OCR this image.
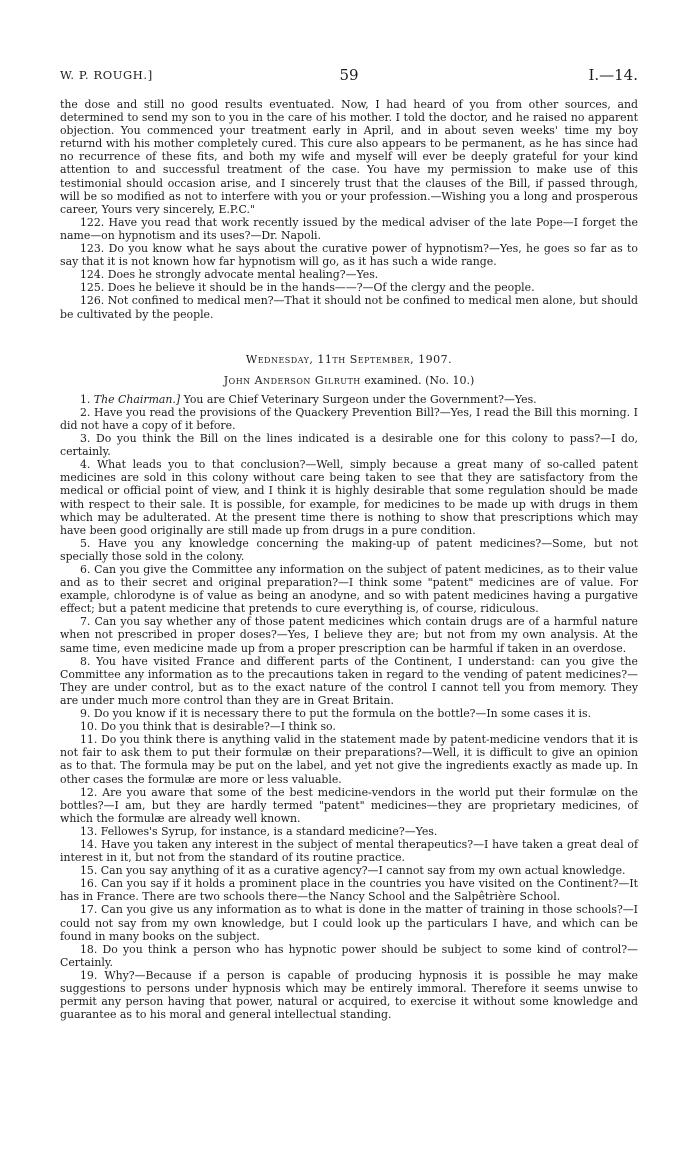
W. P. ROUGH.]	59	I.—14.

the dose and still no good results eventuated. Now, I had heard of you from other sources, and determined to send my son to you in the care of his mother. I told the doctor, and he raised no apparent objection. You commenced your treatment early in April, and in about seven weeks' time my boy returnd with his mother completely cured. This cure also appears to be permanent, as he has since had no recurrence of these fits, and both my wife and myself will ever be deeply grateful for your kind attention to and successful treatment of the case. You have my permission to make use of this testimonial should occasion arise, and I sincerely trust that the clauses of the Bill, if passed through, will be so modified as not to interfere with you or your profession.—Wishing you a long and prosperous career, Yours very sincerely, E.P.C."

122. Have you read that work recently issued by the medical adviser of the late Pope—I forget the name—on hypnotism and its uses?—Dr. Napoli.

123. Do you know what he says about the curative power of hypnotism?—Yes, he goes so far as to say that it is not known how far hypnotism will go, as it has such a wide range.

124. Does he strongly advocate mental healing?—Yes.

125. Does he believe it should be in the hands——?—Of the clergy and the people.

126. Not confined to medical men?—That it should not be confined to medical men alone, but should be cultivated by the people.

Wednesday, 11th September, 1907.
John Anderson Gilruth examined. (No. 10.)

1. The Chairman.] You are Chief Veterinary Surgeon under the Government?—Yes.

2. Have you read the provisions of the Quackery Prevention Bill?—Yes, I read the Bill this morning. I did not have a copy of it before.

3. Do you think the Bill on the lines indicated is a desirable one for this colony to pass?—I do, certainly.

4. What leads you to that conclusion?—Well, simply because a great many of so-called patent medicines are sold in this colony without care being taken to see that they are satisfactory from the medical or official point of view, and I think it is highly desirable that some regulation should be made with respect to their sale. It is possible, for example, for medicines to be made up with drugs in them which may be adulterated. At the present time there is nothing to show that prescriptions which may have been good originally are still made up from drugs in a pure condition.

5. Have you any knowledge concerning the making-up of patent medicines?—Some, but not specially those sold in the colony.

6. Can you give the Committee any information on the subject of patent medicines, as to their value and as to their secret and original preparation?—I think some "patent" medicines are of value. For example, chlorodyne is of value as being an anodyne, and so with patent medicines having a purgative effect; but a patent medicine that pretends to cure everything is, of course, ridiculous.

7. Can you say whether any of those patent medicines which contain drugs are of a harmful nature when not prescribed in proper doses?—Yes, I believe they are; but not from my own analysis. At the same time, even medicine made up from a proper prescription can be harmful if taken in an overdose.

8. You have visited France and different parts of the Continent, I understand: can you give the Committee any information as to the precautions taken in regard to the vending of patent medicines?—They are under control, but as to the exact nature of the control I cannot tell you from memory. They are under much more control than they are in Great Britain.

9. Do you know if it is necessary there to put the formula on the bottle?—In some cases it is.

10. Do you think that is desirable?—I think so.

11. Do you think there is anything valid in the statement made by patent-medicine vendors that it is not fair to ask them to put their formulæ on their preparations?—Well, it is difficult to give an opinion as to that. The formula may be put on the label, and yet not give the ingredients exactly as made up. In other cases the formulæ are more or less valuable.

12. Are you aware that some of the best medicine-vendors in the world put their formulæ on the bottles?—I am, but they are hardly termed "patent" medicines—they are proprietary medicines, of which the formulæ are already well known.

13. Fellowes's Syrup, for instance, is a standard medicine?—Yes.

14. Have you taken any interest in the subject of mental therapeutics?—I have taken a great deal of interest in it, but not from the standard of its routine practice.

15. Can you say anything of it as a curative agency?—I cannot say from my own actual knowledge.

16. Can you say if it holds a prominent place in the countries you have visited on the Continent?—It has in France. There are two schools there—the Nancy School and the Salpêtrière School.

17. Can you give us any information as to what is done in the matter of training in those schools?—I could not say from my own knowledge, but I could look up the particulars I have, and which can be found in many books on the subject.

18. Do you think a person who has hypnotic power should be subject to some kind of control?—Certainly.

19. Why?—Because if a person is capable of producing hypnosis it is possible he may make suggestions to persons under hypnosis which may be entirely immoral. Therefore it seems unwise to permit any person having that power, natural or acquired, to exercise it without some knowledge and guarantee as to his moral and general intellectual standing.
